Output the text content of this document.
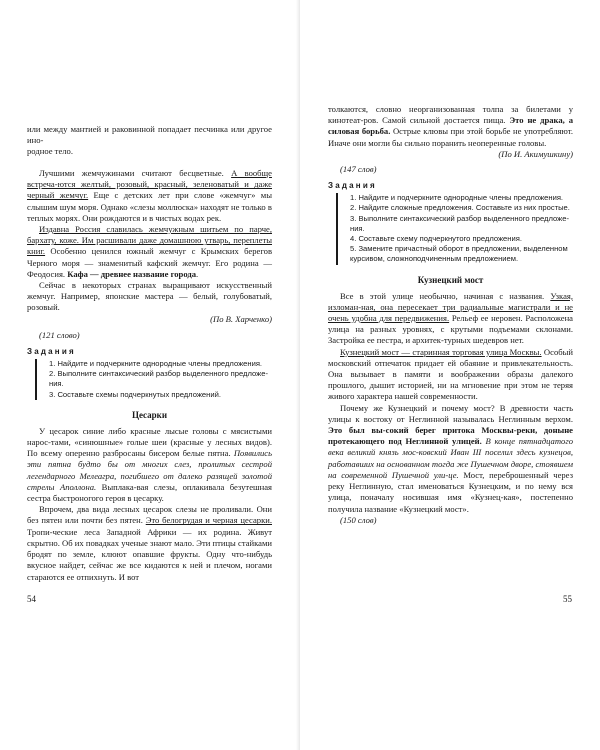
или между мантией и раковинной попадает песчинка или другое ино-
родное тело.

Лучшими жемчужинами считают бесцветные. А вообще встреча-ются желтый, розовый, красный, зеленоватый и даже черный жемчуг. Еще с детских лет при слове «жемчуг» мы слышим шум моря. Однако «слезы моллюска» находят не только в теплых морях. Они рождаются и в чистых водах рек.

Издавна Россия славилась жемчужным шитьем по парче, бархату, коже. Им расшивали даже домашнюю утварь, переплеты книг. Особенно ценился южный жемчуг с Крымских берегов Черного моря — знаменитый кафский жемчуг. Его родина — Феодосия. Кафа — древнее название города.

Сейчас в некоторых странах выращивают искусственный жемчуг. Например, японские мастера — белый, голубоватый, розовый.

(По В. Харченко)

(121 слово)

Задания
1. Найдите и подчеркните однородные члены предложения.
2. Выполните синтаксический разбор выделенного предложе-ния.
3. Составьте схемы подчеркнутых предложений.
Цесарки

У цесарок синие либо красные лысые головы с мясистыми нарос-тами, «синюшные» голые шеи (красные у лесных видов). По всему оперенно разбросаны бисером белые пятна. Появились эти пятна будто бы от многих слез, пролитых сестрой легендарного Мелеагра, погибшего от далеко разящей золотой стрелы Аполлона. Выплака-вая слезы, оплакивала безутешная сестра быстроногого героя в цесарку.

Впрочем, два вида лесных цесарок слезы не проливали. Они без пятен или почти без пятен. Это белогрудая и черная цесарки. Тропи-ческие леса Западной Африки — их родина. Живут скрытно. Об их повадках ученые знают мало. Эти птицы стайками бродят по земле, клюют опавшие фрукты. Одну что-нибудь вкусное найдет, сейчас же все кидаются к ней и плечом, ногами стараются ее отпихнуть. И вот

54

толкаются, словно неорганизованная толпа за билетами у кинотеат-ров. Самой сильной достается пища. Это не драка, а силовая борьба. Острые клювы при этой борьбе не употребляют. Иначе они могли бы сильно поранить неоперенные головы.

(По И. Акимушкину)

(147 слов)

Задания
1. Найдите и подчеркните однородные члены предложения.
2. Найдите сложные предложения. Составьте из них простые.
3. Выполните синтаксический разбор выделенного предложе-ния.
4. Составьте схему подчеркнутого предложения.
5. Замените причастный оборот в предложении, выделенном курсивом, сложноподчиненным предложением.
Кузнецкий мост

Все в этой улице необычно, начиная с названия. Узкая, изломан-ная, она пересекает три радиальные магистрали и не очень удобна для передвижения. Рельеф ее неровен. Расположена улица на разных уровнях, с крутыми подъемами склонами. Застройка ее пестра, и архитек-турных шедевров нет.

Кузнецкий мост — старинная торговая улица Москвы. Особый московский отпечаток придает ей обаяние и привлекательность. Она вызывает в памяти и воображении образы далекого прошлого, дышит историей, ни на мгновение при этом не теряя живого характера нашей современности.

Почему же Кузнецкий и почему мост? В древности часть улицы к востоку от Неглинной называлась Неглинным верхом. Это был вы-сокий берег притока Москвы-реки, доныне протекающего под Неглинной улицей. В конце пятнадцатого века великий князь мос-ковский Иван III поселил здесь кузнецов, работавших на основанном тогда же Пушечном дворе, стоявшем на современной Пушечной ули-це. Мост, переброшенный через реку Неглинную, стал именоваться Кузнецким, и по нему вся улица, поначалу носившая имя «Кузнец-кая», постепенно получила название «Кузнецкий мост».

(150 слов)

55
